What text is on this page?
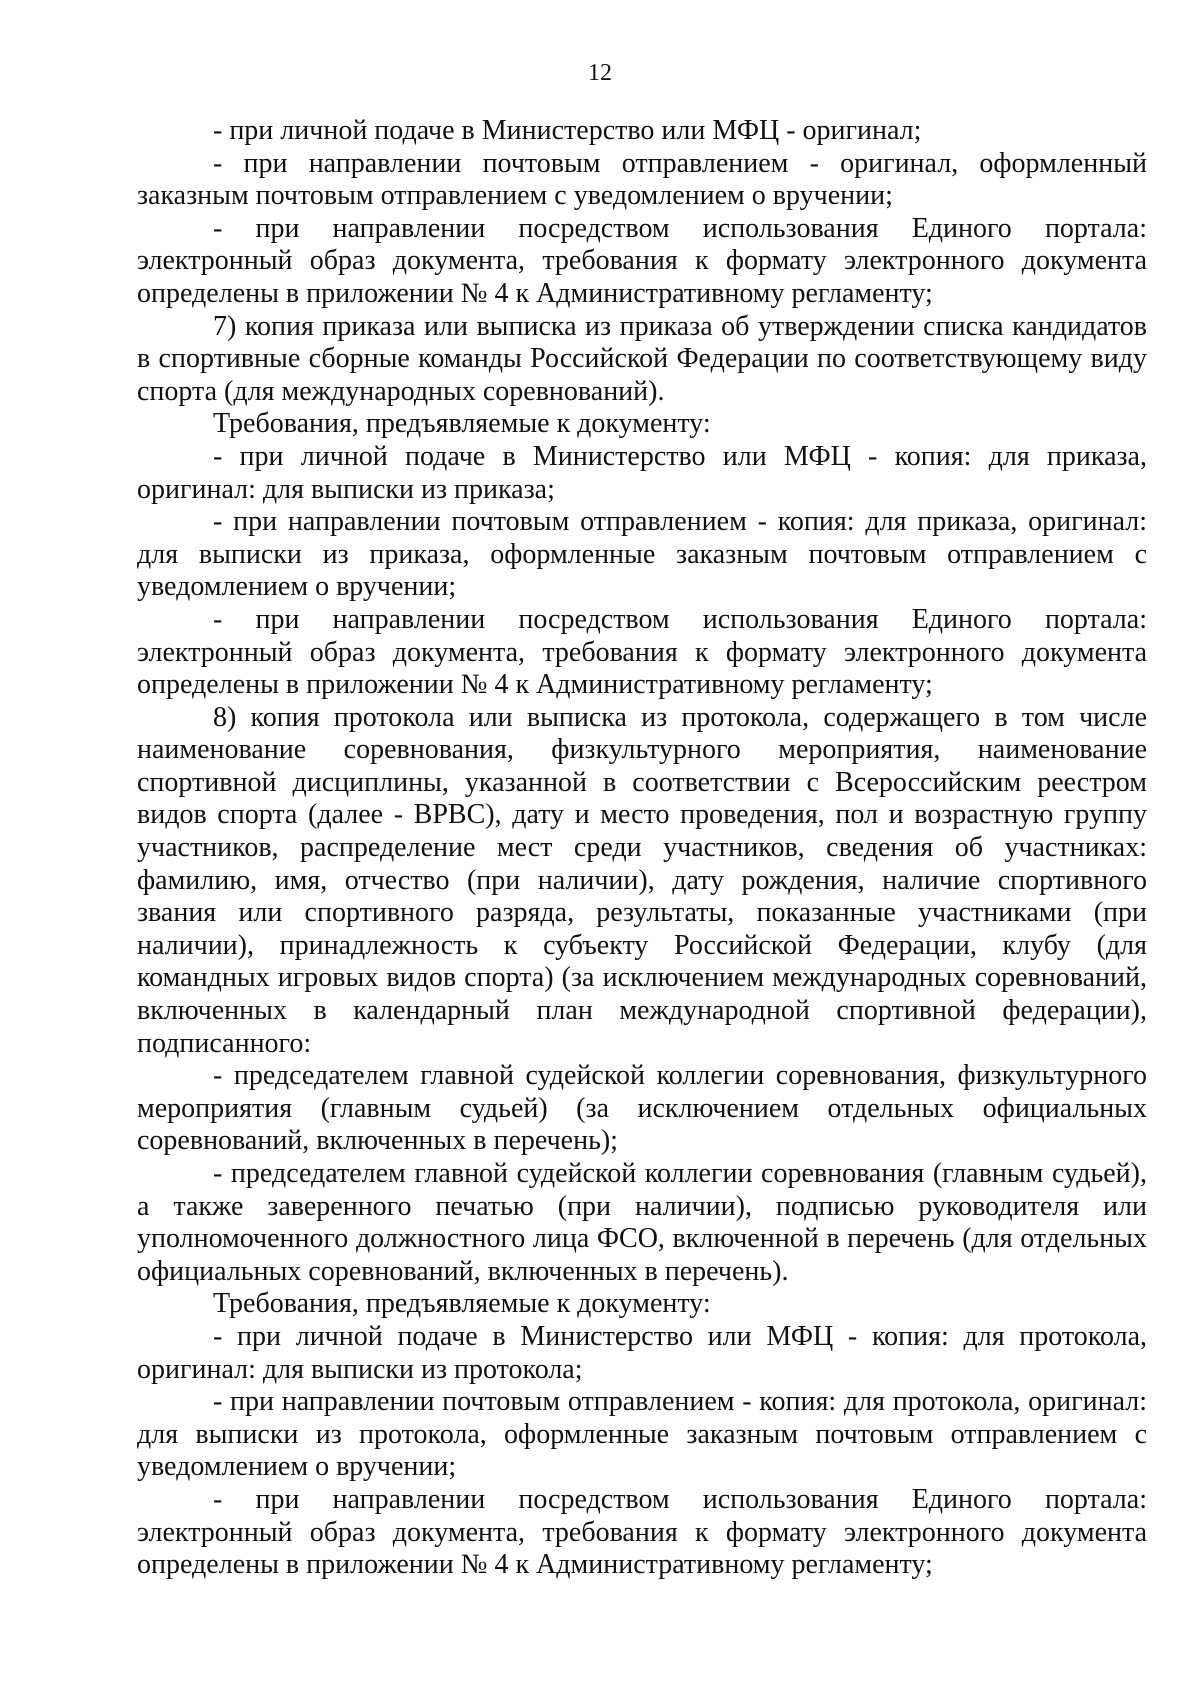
12

- при личной подаче в Министерство или МФЦ - оригинал;

- при направлении почтовым отправлением - оригинал, оформленный заказным почтовым отправлением с уведомлением о вручении;

- при направлении посредством использования Единого портала: электронный образ документа, требования к формату электронного документа определены в приложении № 4 к Административному регламенту;

7) копия приказа или выписка из приказа об утверждении списка кандидатов в спортивные сборные команды Российской Федерации по соответствующему виду спорта (для международных соревнований).

Требования, предъявляемые к документу:

- при личной подаче в Министерство или МФЦ - копия: для приказа, оригинал: для выписки из приказа;

- при направлении почтовым отправлением - копия: для приказа, оригинал: для выписки из приказа, оформленные заказным почтовым отправлением с уведомлением о вручении;

- при направлении посредством использования Единого портала: электронный образ документа, требования к формату электронного документа определены в приложении № 4 к Административному регламенту;

8) копия протокола или выписка из протокола, содержащего в том числе наименование соревнования, физкультурного мероприятия, наименование спортивной дисциплины, указанной в соответствии с Всероссийским реестром видов спорта (далее - ВРВС), дату и место проведения, пол и возрастную группу участников, распределение мест среди участников, сведения об участниках: фамилию, имя, отчество (при наличии), дату рождения, наличие спортивного звания или спортивного разряда, результаты, показанные участниками (при наличии), принадлежность к субъекту Российской Федерации, клубу (для командных игровых видов спорта) (за исключением международных соревнований, включенных в календарный план международной спортивной федерации), подписанного:

- председателем главной судейской коллегии соревнования, физкультурного мероприятия (главным судьей) (за исключением отдельных официальных соревнований, включенных в перечень);

- председателем главной судейской коллегии соревнования (главным судьей), а также заверенного печатью (при наличии), подписью руководителя или уполномоченного должностного лица ФСО, включенной в перечень (для отдельных официальных соревнований, включенных в перечень).

Требования, предъявляемые к документу:

- при личной подаче в Министерство или МФЦ - копия: для протокола, оригинал: для выписки из протокола;

- при направлении почтовым отправлением - копия: для протокола, оригинал: для выписки из протокола, оформленные заказным почтовым отправлением с уведомлением о вручении;

- при направлении посредством использования Единого портала: электронный образ документа, требования к формату электронного документа определены в приложении № 4 к Административному регламенту;
